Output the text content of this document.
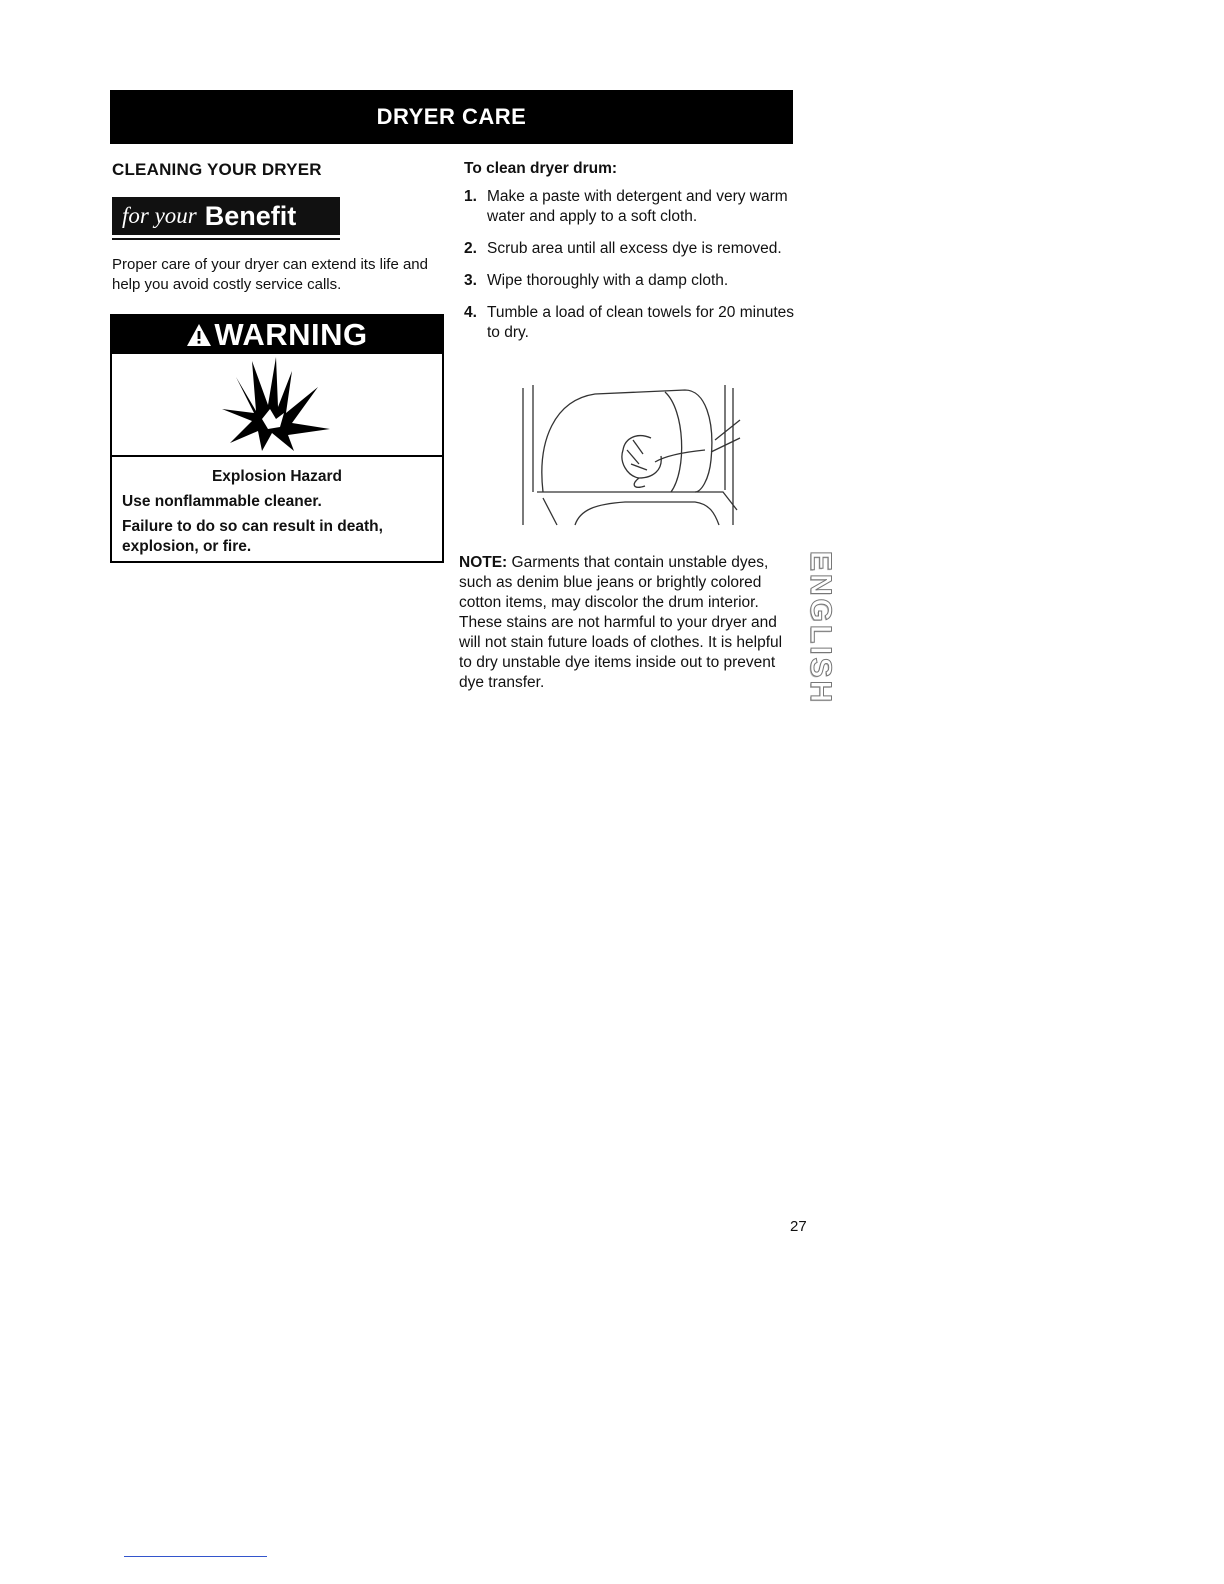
DRYER CARE
CLEANING YOUR DRYER
for your Benefit

Proper care of your dryer can extend its life and help you avoid costly service calls.

WARNING

Explosion Hazard

Use nonflammable cleaner.

Failure to do so can result in death, explosion, or fire.

To clean dryer drum:
1. Make a paste with detergent and very warm water and apply to a soft cloth.
2. Scrub area until all excess dye is removed.
3. Wipe thoroughly with a damp cloth.
4. Tumble a load of clean towels for 20 minutes to dry.

NOTE: Garments that contain unstable dyes, such as denim blue jeans or brightly colored cotton items, may discolor the drum interior. These stains are not harmful to your dryer and will not stain future loads of clothes. It is helpful to dry unstable dye items inside out to prevent dye transfer.	ENGLISH
27
